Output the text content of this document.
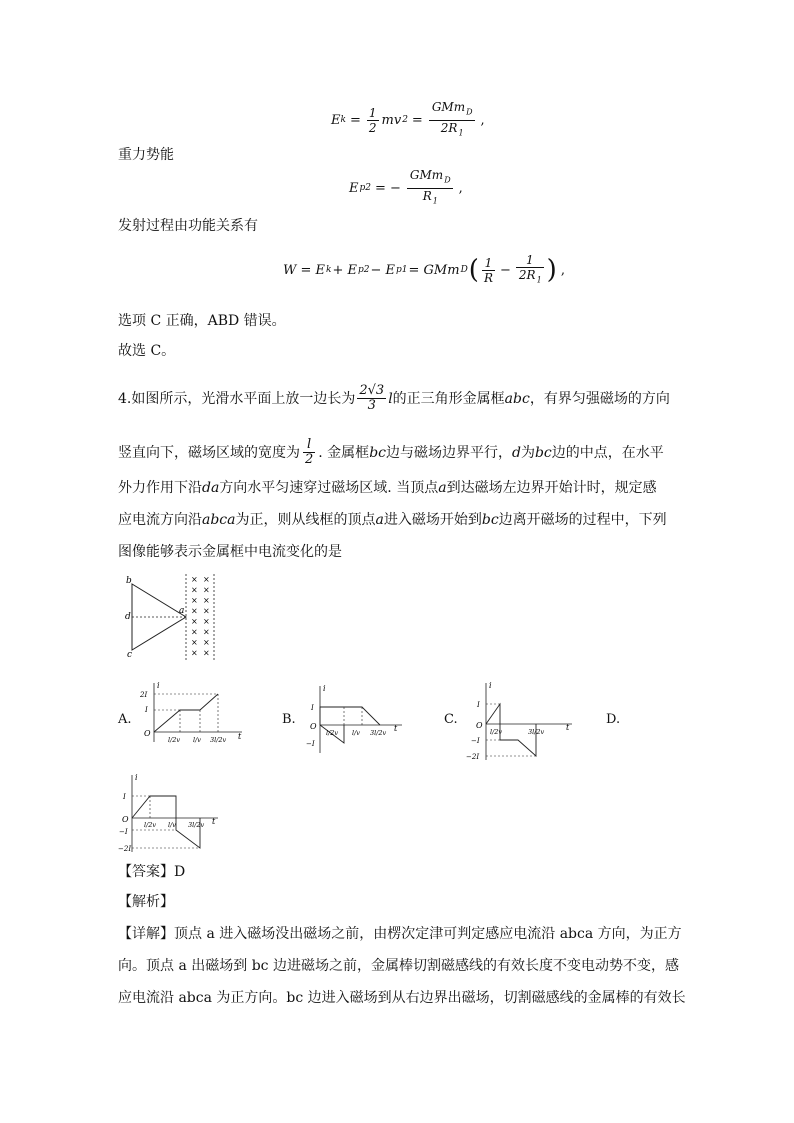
E $k = \frac{1}{2}$ mv $2 = \frac{GMm_D}{2R_1}$ ,
重力势能
E p2 = − $\frac{GMm_D}{R_1}$ ,
发射过程由功能关系有
W = E k + E p2 − E p1 = GMm D ( $\frac{1}{R} - \frac{1}{2R_1}$ ) ,
选项 C 正确，ABD 错误。
故选 C。
4.如图所示，光滑水平面上放一边长为 $\frac{2√3}{3}$ l 的正三角形金属框 abc ，有界匀强磁场的方向
竖直向下，磁场区域的宽度为 $\frac{l}{2}$ . 金属框 bc 边与磁场边界平行， d 为 bc 边的中点，在水平
外力作用下沿da方向水平匀速穿过磁场区域. 当顶点a到达磁场左边界开始计时，规定感
应电流方向沿abca为正，则从线框的顶点a进入磁场开始到bc边离开磁场的过程中，下列
图像能够表示金属框中电流变化的是
b
d
c
a
× ×
× ×
× ×
× ×
× ×
× ×
× ×
× ×
A.
i
2I
I
O
l/2v l/v 3l/2v t
B.
i
I
O
−I
l/2v l/v 3l/2v t
C.
i
I
O
−I
−2I
l/2v	3l/2v	t
D.
i
I
O
−I
−2I
l/2v l/v 3l/2v t
【答案】D
【解析】
【详解】顶点 a 进入磁场没出磁场之前，由楞次定津可判定感应电流沿 abca 方向，为正方
向。顶点 a 出磁场到 bc 边进磁场之前，金属棒切割磁感线的有效长度不变电动势不变，感
应电流沿 abca 为正方向。bc 边进入磁场到从右边界出磁场，切割磁感线的金属棒的有效长
